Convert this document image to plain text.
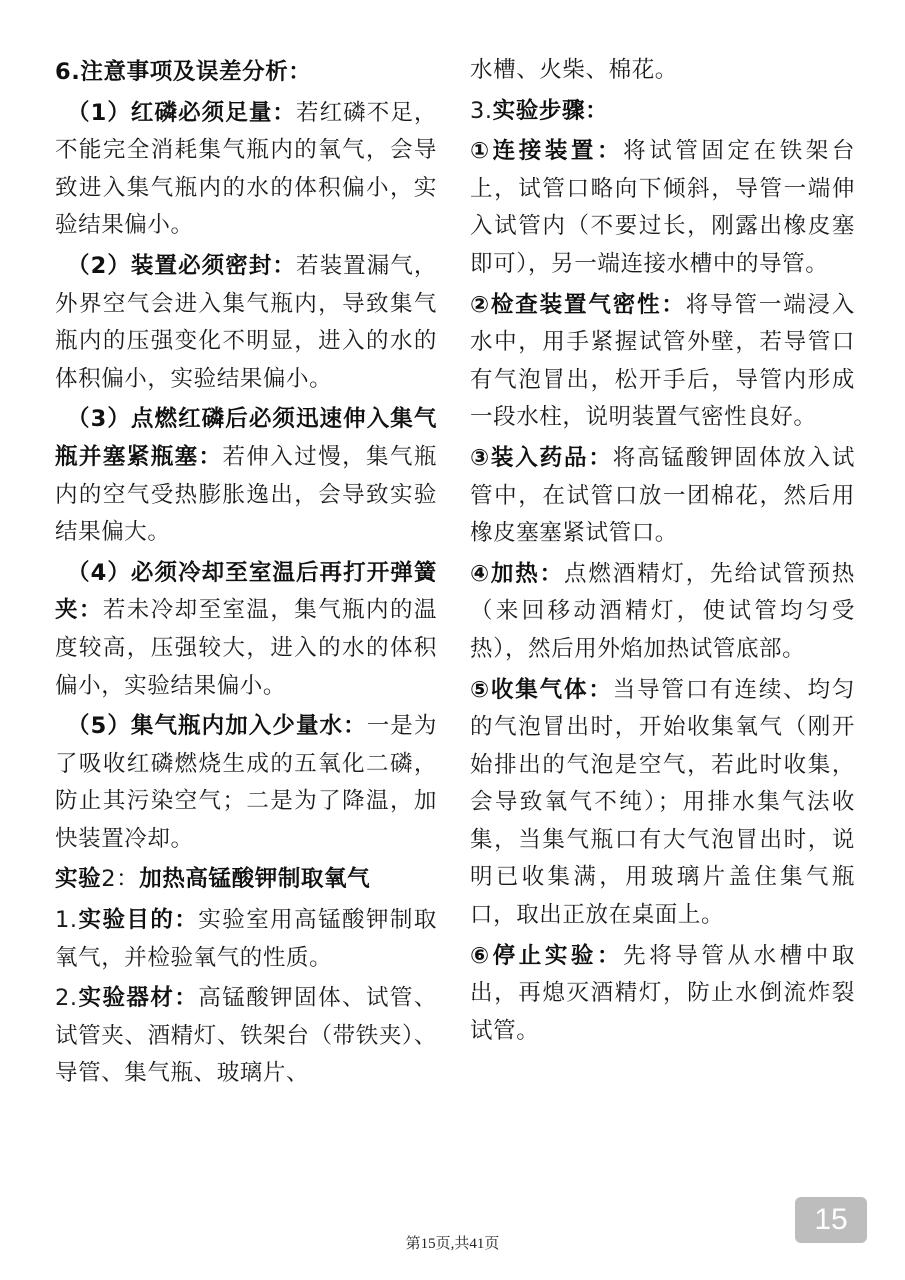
6.注意事项及误差分析：

（1）红磷必须足量：若红磷不足，不能完全消耗集气瓶内的氧气，会导致进入集气瓶内的水的体积偏小，实验结果偏小。

（2）装置必须密封：若装置漏气，外界空气会进入集气瓶内，导致集气瓶内的压强变化不明显，进入的水的体积偏小，实验结果偏小。

（3）点燃红磷后必须迅速伸入集气瓶并塞紧瓶塞：若伸入过慢，集气瓶内的空气受热膨胀逸出，会导致实验结果偏大。

（4）必须冷却至室温后再打开弹簧夹：若未冷却至室温，集气瓶内的温度较高，压强较大，进入的水的体积偏小，实验结果偏小。

（5）集气瓶内加入少量水：一是为了吸收红磷燃烧生成的五氧化二磷，防止其污染空气；二是为了降温，加快装置冷却。

实验2：加热高锰酸钾制取氧气

1.实验目的：实验室用高锰酸钾制取氧气，并检验氧气的性质。

2.实验器材：高锰酸钾固体、试管、试管夹、酒精灯、铁架台（带铁夹）、导管、集气瓶、玻璃片、

水槽、火柴、棉花。

3.实验步骤：

①连接装置：将试管固定在铁架台上，试管口略向下倾斜，导管一端伸入试管内（不要过长，刚露出橡皮塞即可），另一端连接水槽中的导管。

②检查装置气密性：将导管一端浸入水中，用手紧握试管外壁，若导管口有气泡冒出，松开手后，导管内形成一段水柱，说明装置气密性良好。

③装入药品：将高锰酸钾固体放入试管中，在试管口放一团棉花，然后用橡皮塞塞紧试管口。

④加热：点燃酒精灯，先给试管预热（来回移动酒精灯，使试管均匀受热），然后用外焰加热试管底部。

⑤收集气体：当导管口有连续、均匀的气泡冒出时，开始收集氧气（刚开始排出的气泡是空气，若此时收集，会导致氧气不纯）；用排水集气法收集，当集气瓶口有大气泡冒出时，说明已收集满，用玻璃片盖住集气瓶口，取出正放在桌面上。

⑥停止实验：先将导管从水槽中取出，再熄灭酒精灯，防止水倒流炸裂试管。

15
第15页,共41页
